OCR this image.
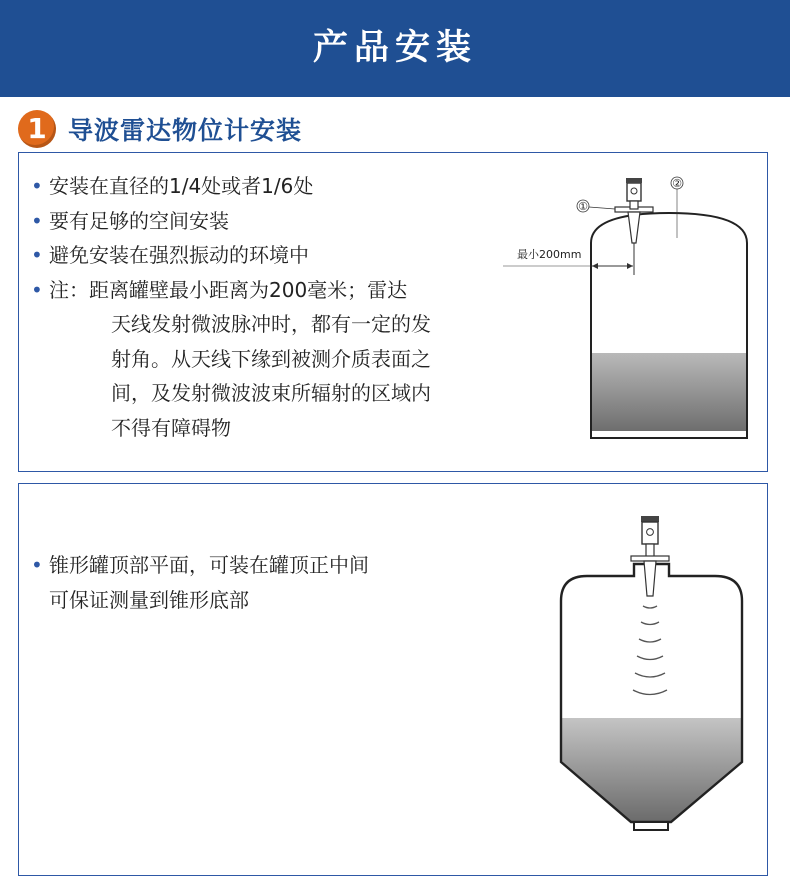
产品安装
1 导波雷达物位计安装
• 安装在直径的1/4处或者1/6处
• 要有足够的空间安装
• 避免安装在强烈振动的环境中
• 注：距离罐壁最小距离为200毫米；雷达
天线发射微波脉冲时，都有一定的发
射角。从天线下缘到被测介质表面之
间，及发射微波波束所辐射的区域内
不得有障碍物
①
②
最小200mm
• 锥形罐顶部平面，可装在罐顶正中间
可保证测量到锥形底部
